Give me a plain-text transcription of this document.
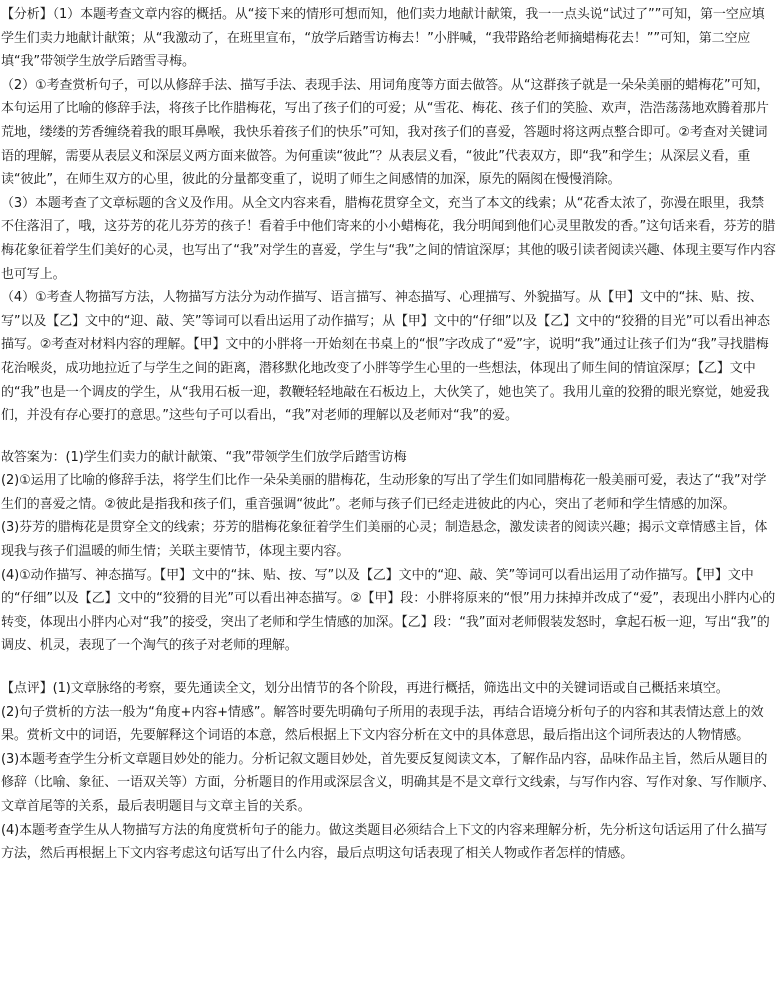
【分析】（1）本题考查文章内容的概括。从“接下来的情形可想而知，他们卖力地献计献策，我一一点头说“试过了””可知，第一空应填学生们卖力地献计献策；从“我激动了，在班里宣布，“放学后踏雪访梅去！”小胖喊，“我带路给老师摘蜡梅花去！””可知，第二空应填“我”带领学生放学后踏雪寻梅。

（2）①考查赏析句子，可以从修辞手法、描写手法、表现手法、用词角度等方面去做答。从“这群孩子就是一朵朵美丽的蜡梅花”可知，本句运用了比喻的修辞手法，将孩子比作腊梅花，写出了孩子们的可爱；从“雪花、梅花、孩子们的笑脸、欢声，浩浩荡荡地欢腾着那片荒地，缕缕的芳香缠绕着我的眼耳鼻喉，我快乐着孩子们的快乐”可知，我对孩子们的喜爱，答题时将这两点整合即可。②考查对关键词语的理解，需要从表层义和深层义两方面来做答。为何重读“彼此”？从表层义看，“彼此”代表双方，即“我”和学生；从深层义看，重读“彼此”，在师生双方的心里，彼此的分量都变重了，说明了师生之间感情的加深，原先的隔阂在慢慢消除。

（3）本题考查了文章标题的含义及作用。从全文内容来看，腊梅花贯穿全文，充当了本文的线索；从“花香太浓了，弥漫在眼里，我禁不住落泪了，哦，这芬芳的花儿芬芳的孩子！看着手中他们寄来的小小蜡梅花，我分明闻到他们心灵里散发的香。”这句话来看，芬芳的腊梅花象征着学生们美好的心灵，也写出了“我”对学生的喜爱，学生与“我”之间的情谊深厚；其他的吸引读者阅读兴趣、体现主要写作内容也可写上。

（4）①考查人物描写方法，人物描写方法分为动作描写、语言描写、神态描写、心理描写、外貌描写。从【甲】文中的“抹、贴、按、写”以及【乙】文中的“迎、敲、笑”等词可以看出运用了动作描写；从【甲】文中的“仔细”以及【乙】文中的“狡猾的目光”可以看出神态描写。②考查对材料内容的理解。【甲】文中的小胖将一开始刻在书桌上的“恨”字改成了“爱”字，说明“我”通过让孩子们为“我”寻找腊梅花治喉炎，成功地拉近了与学生之间的距离，潜移默化地改变了小胖等学生心里的一些想法，体现出了师生间的情谊深厚；【乙】文中的“我”也是一个调皮的学生，从“我用石板一迎，教鞭轻轻地敲在石板边上，大伙笑了，她也笑了。我用儿童的狡猾的眼光察觉，她爱我们，并没有存心要打的意思。”这些句子可以看出，“我”对老师的理解以及老师对“我”的爱。

故答案为：(1)学生们卖力的献计献策、“我”带领学生们放学后踏雪访梅

(2)①运用了比喻的修辞手法，将学生们比作一朵朵美丽的腊梅花，生动形象的写出了学生们如同腊梅花一般美丽可爱，表达了“我”对学生们的喜爱之情。②彼此是指我和孩子们，重音强调“彼此”。老师与孩子们已经走进彼此的内心，突出了老师和学生情感的加深。

(3)芬芳的腊梅花是贯穿全文的线索；芬芳的腊梅花象征着学生们美丽的心灵；制造悬念，激发读者的阅读兴趣；揭示文章情感主旨，体现我与孩子们温暖的师生情；关联主要情节，体现主要内容。

(4)①动作描写、神态描写。【甲】文中的“抹、贴、按、写”以及【乙】文中的“迎、敲、笑”等词可以看出运用了动作描写。【甲】文中的“仔细”以及【乙】文中的“狡猾的目光”可以看出神态描写。②【甲】段：小胖将原来的“恨”用力抹掉并改成了“爱”，表现出小胖内心的转变，体现出小胖内心对“我”的接受，突出了老师和学生情感的加深。【乙】段：“我”面对老师假装发怒时，拿起石板一迎，写出“我”的调皮、机灵，表现了一个淘气的孩子对老师的理解。

【点评】(1)文章脉络的考察，要先通读全文，划分出情节的各个阶段，再进行概括，筛选出文中的关键词语或自己概括来填空。

(2)句子赏析的方法一般为“角度+内容+情感”。解答时要先明确句子所用的表现手法，再结合语境分析句子的内容和其表情达意上的效果。赏析文中的词语，先要解释这个词语的本意，然后根据上下文内容分析在文中的具体意思，最后指出这个词所表达的人物情感。

(3)本题考查学生分析文章题目妙处的能力。分析记叙文题目妙处，首先要反复阅读文本，了解作品内容，品味作品主旨，然后从题目的修辞（比喻、象征、一语双关等）方面，分析题目的作用或深层含义，明确其是不是文章行文线索，与写作内容、写作对象、写作顺序、文章首尾等的关系，最后表明题目与文章主旨的关系。

(4)本题考查学生从人物描写方法的角度赏析句子的能力。做这类题目必须结合上下文的内容来理解分析，先分析这句话运用了什么描写方法，然后再根据上下文内容考虑这句话写出了什么内容，最后点明这句话表现了相关人物或作者怎样的情感。
